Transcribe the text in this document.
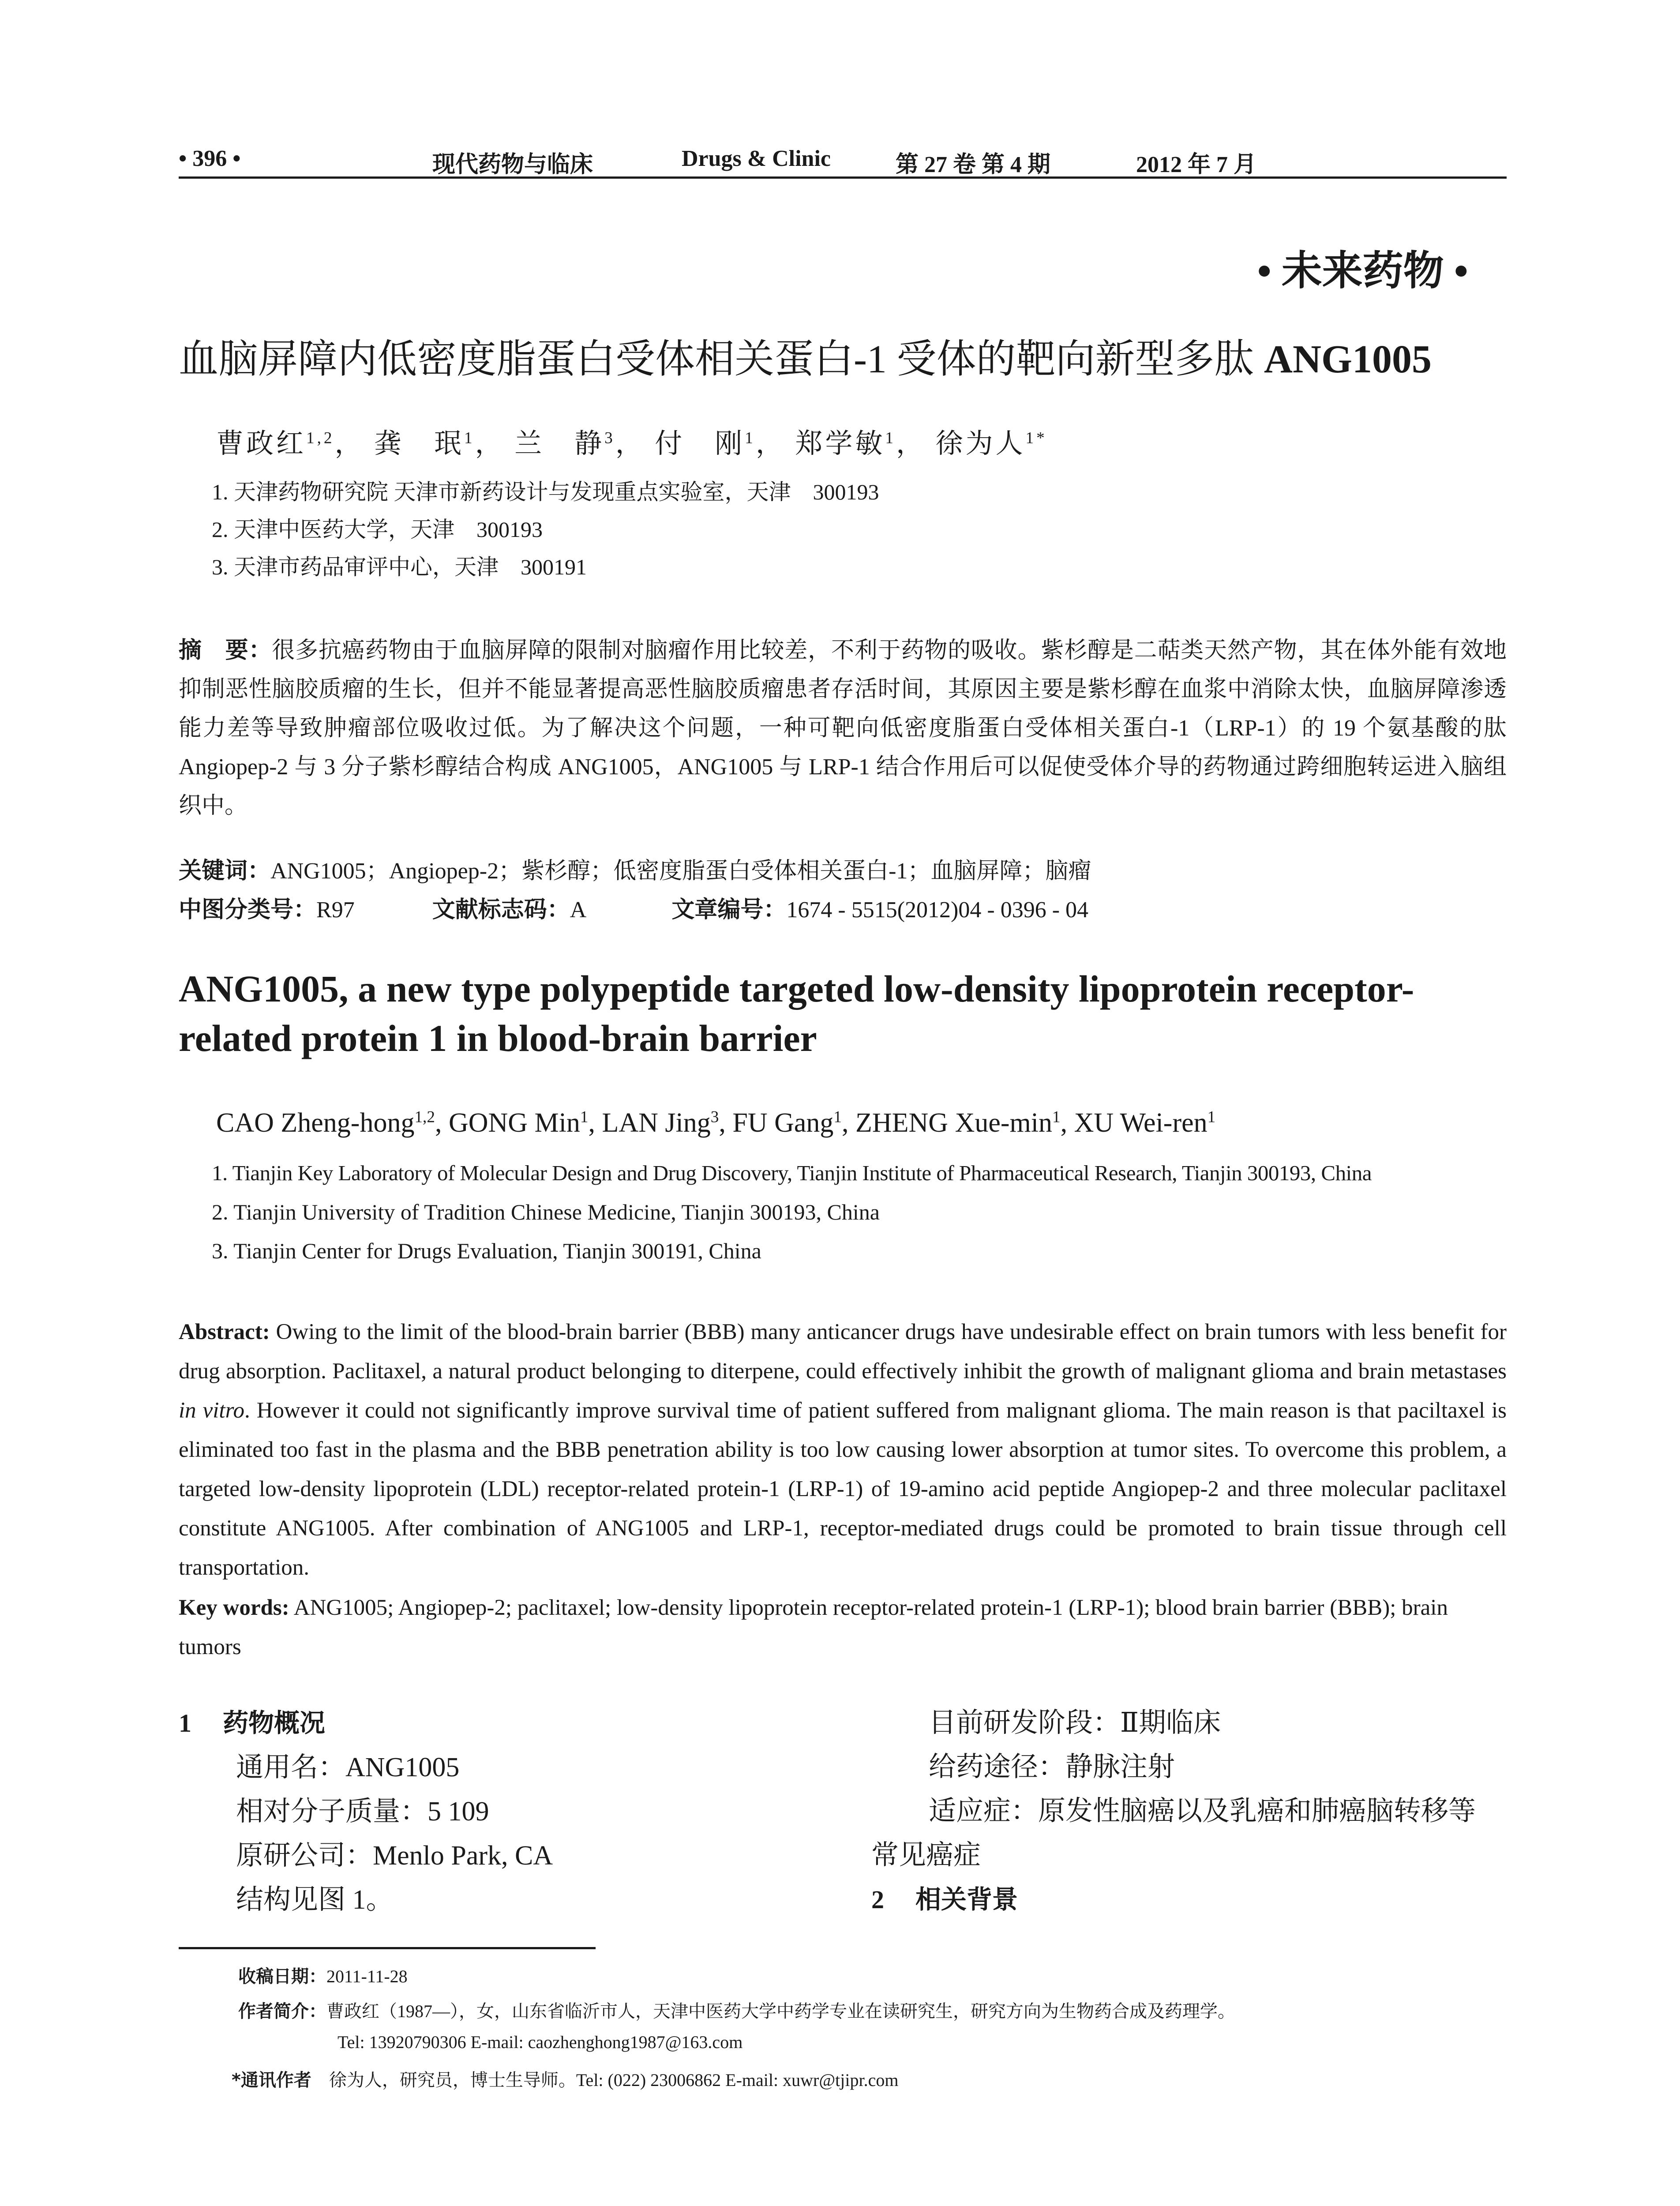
• 396 •	现代药物与临床	Drugs & Clinic	第 27 卷 第 4 期	2012 年 7 月
• 未来药物 •
血脑屏障内低密度脂蛋白受体相关蛋白-1 受体的靶向新型多肽 ANG1005
曹政红$^{1,2}$， 龚　珉$^1$， 兰　静$^3$， 付　刚$^1$， 郑学敏$^1$， 徐为人$^{1*}$
1. 天津药物研究院 天津市新药设计与发现重点实验室，天津　300193
2. 天津中医药大学，天津　300193
3. 天津市药品审评中心，天津　300191

摘　要：很多抗癌药物由于血脑屏障的限制对脑瘤作用比较差，不利于药物的吸收。紫杉醇是二萜类天然产物，其在体外能有效地抑制恶性脑胶质瘤的生长，但并不能显著提高恶性脑胶质瘤患者存活时间，其原因主要是紫杉醇在血浆中消除太快，血脑屏障渗透能力差等导致肿瘤部位吸收过低。为了解决这个问题，一种可靶向低密度脂蛋白受体相关蛋白-1（LRP-1）的 19 个氨基酸的肽 Angiopep-2 与 3 分子紫杉醇结合构成 ANG1005，ANG1005 与 LRP-1 结合作用后可以促使受体介导的药物通过跨细胞转运进入脑组织中。

关键词：ANG1005；Angiopep-2；紫杉醇；低密度脂蛋白受体相关蛋白-1；血脑屏障；脑瘤
中图分类号：R97	文献标志码：A	文章编号：1674 - 5515(2012)04 - 0396 - 04
ANG1005, a new type polypeptide targeted low-density lipoprotein receptor-related protein 1 in blood-brain barrier
CAO Zheng-hong$^{1,2}$, GONG Min$^1$, LAN Jing$^3$, FU Gang$^1$, ZHENG Xue-$\min^1$, XU Wei-ren$^1$
1. Tianjin Key Laboratory of Molecular Design and Drug Discovery, Tianjin Institute of Pharmaceutical Research, Tianjin 300193, China
2. Tianjin University of Tradition Chinese Medicine, Tianjin 300193, China
3. Tianjin Center for Drugs Evaluation, Tianjin 300191, China
Abstract: Owing to the limit of the blood-brain barrier (BBB) many anticancer drugs have undesirable effect on brain tumors with less benefit for drug absorption. Paclitaxel, a natural product belonging to diterpene, could effectively inhibit the growth of malignant glioma and brain metastases in vitro. However it could not significantly improve survival time of patient suffered from malignant glioma. The main reason is that paciltaxel is eliminated too fast in the plasma and the BBB penetration ability is too low causing lower absorption at tumor sites. To overcome this problem, a targeted low-density lipoprotein (LDL) receptor-related protein-1 (LRP-1) of 19-amino acid peptide Angiopep-2 and three molecular paclitaxel constitute ANG1005. After combination of ANG1005 and LRP-1, receptor-mediated drugs could be promoted to brain tissue through cell transportation.
Key words: ANG1005; Angiopep-2; paclitaxel; low-density lipoprotein receptor-related protein-1 (LRP-1); blood brain barrier (BBB); brain tumors
1 药物概况
通用名：ANG1005
相对分子质量：5 109
原研公司：Menlo Park, CA
结构见图 1。
目前研发阶段：Ⅱ期临床
给药途径：静脉注射
适应症：原发性脑癌以及乳癌和肺癌脑转移等
常见癌症
2 相关背景
收稿日期：2011-11-28
作者简介：曹政红（1987—），女，山东省临沂市人，天津中医药大学中药学专业在读研究生，研究方向为生物药合成及药理学。
Tel: 13920790306 E-mail: caozhenghong1987@163.com
*通讯作者 徐为人，研究员，博士生导师。Tel: (022) 23006862 E-mail: xuwr@tjipr.com
